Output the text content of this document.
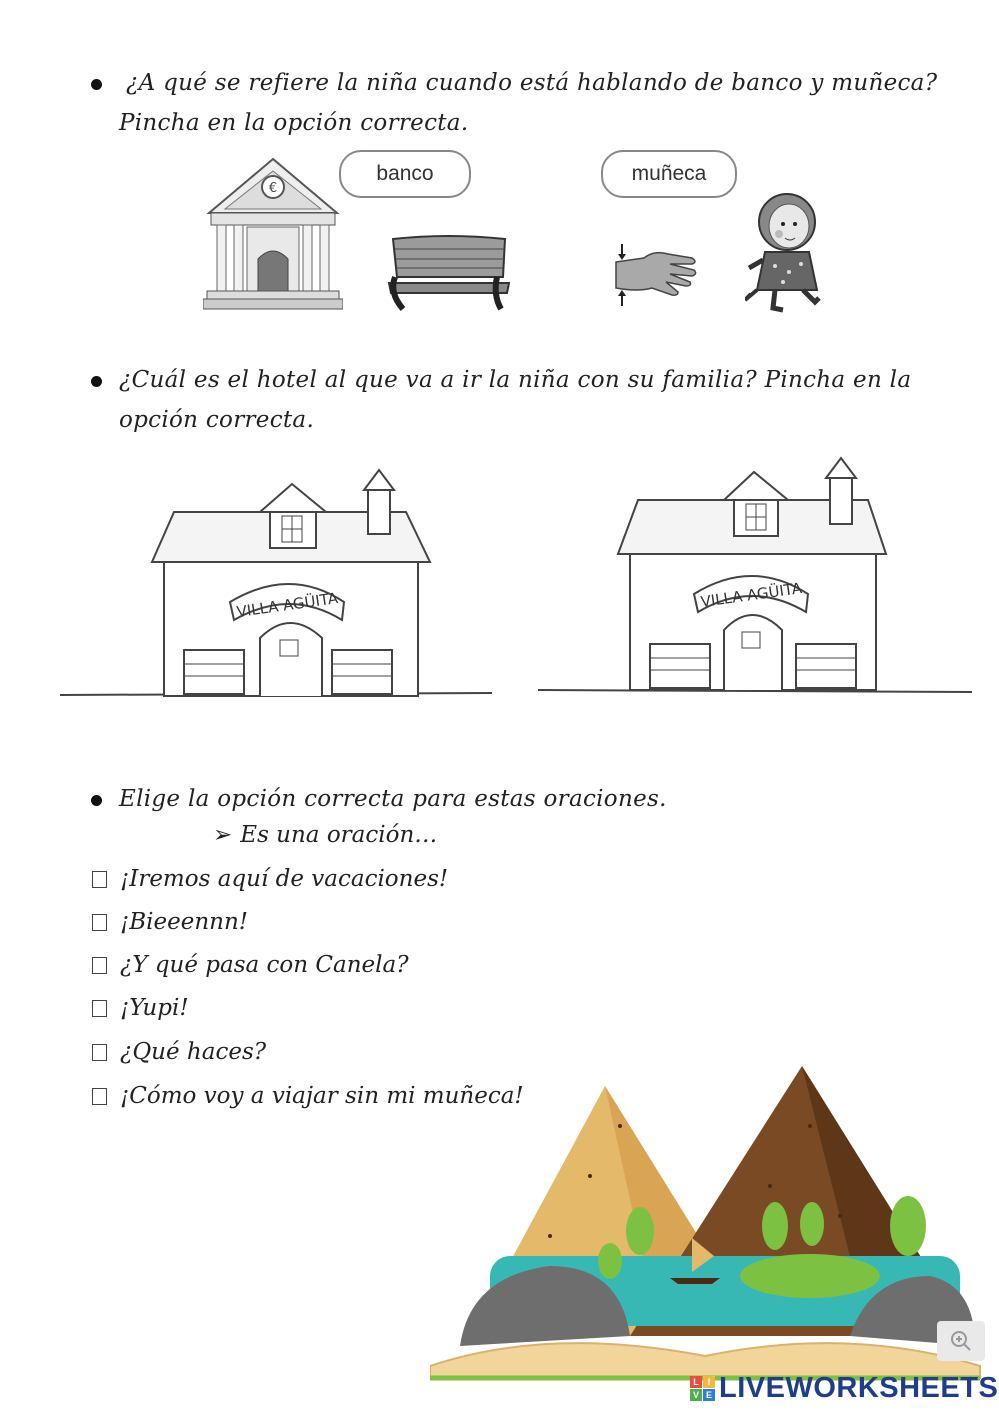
¿A qué se refiere la niña cuando está hablando de banco y muñeca?
Pincha en la opción correcta.
banco	muñeca
€
¿Cuál es el hotel al que va a ir la niña con su familia? Pincha en la
opción correcta.
VILLA AGÜITA	VILLA AGÜITA
Elige la opción correcta para estas oraciones.
➢ Es una oración…
¡Iremos aquí de vacaciones!
¡Bieeennn!
¿Y qué pasa con Canela?
¡Yupi!
¿Qué haces?
¡Cómo voy a viajar sin mi muñeca!
L I
V E LIVEWORKSHEETS
